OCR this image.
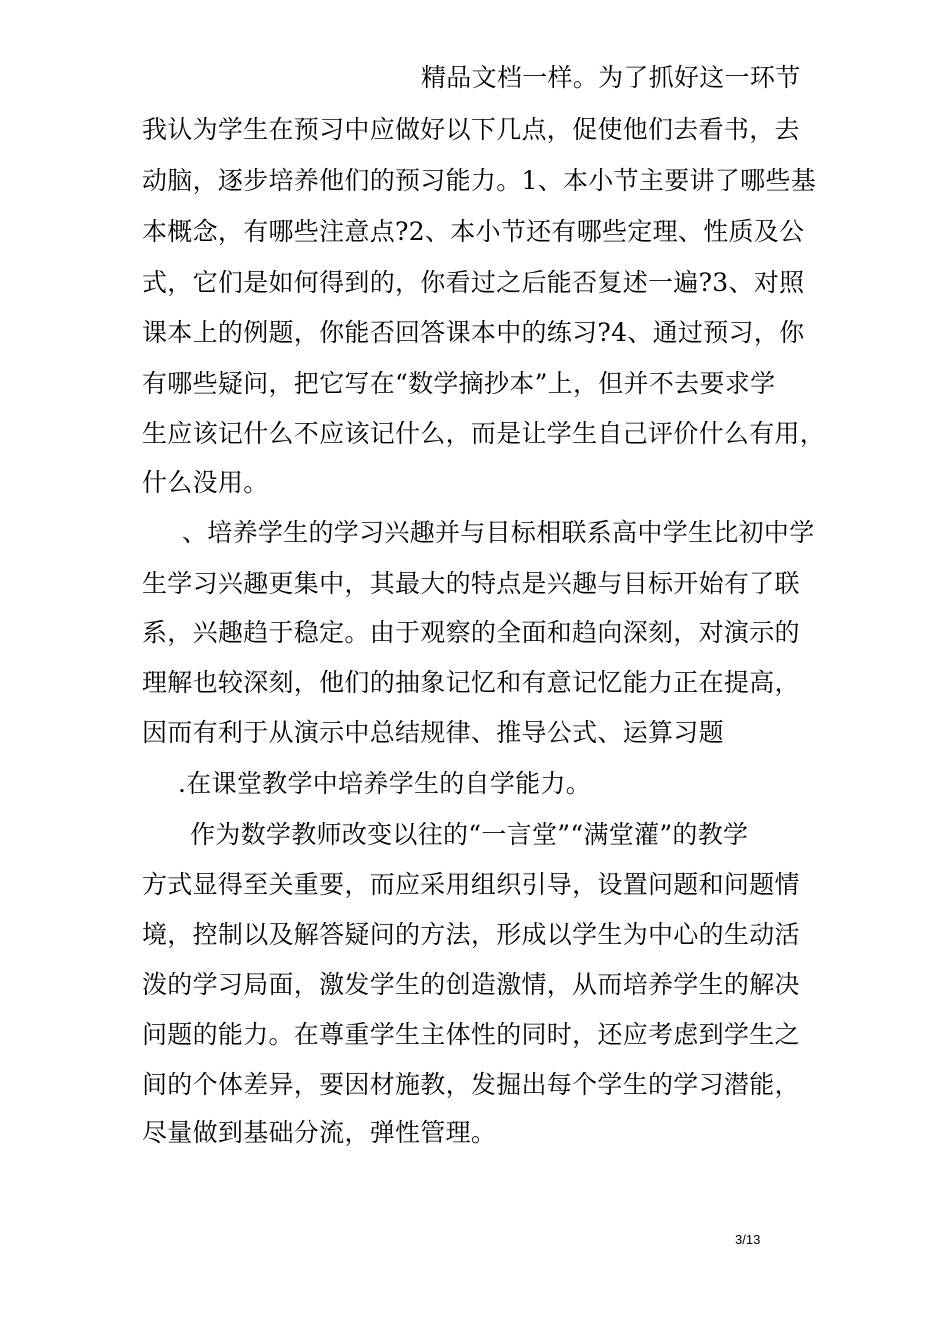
精品文档一样。为了抓好这一环节
我认为学生在预习中应做好以下几点，促使他们去看书，去
动脑，逐步培养他们的预习能力。1、本小节主要讲了哪些基
本概念，有哪些注意点?2、本小节还有哪些定理、性质及公
式，它们是如何得到的，你看过之后能否复述一遍?3、对照
课本上的例题，你能否回答课本中的练习?4、通过预习，你
有哪些疑问，把它写在“数学摘抄本”上，但并不去要求学
生应该记什么不应该记什么，而是让学生自己评价什么有用，
什么没用。
、培养学生的学习兴趣并与目标相联系高中学生比初中学
生学习兴趣更集中，其最大的特点是兴趣与目标开始有了联
系，兴趣趋于稳定。由于观察的全面和趋向深刻，对演示的
理解也较深刻，他们的抽象记忆和有意记忆能力正在提高，
因而有利于从演示中总结规律、推导公式、运算习题
.在课堂教学中培养学生的自学能力。
作为数学教师改变以往的“一言堂”“满堂灌”的教学
方式显得至关重要，而应采用组织引导，设置问题和问题情
境，控制以及解答疑问的方法，形成以学生为中心的生动活
泼的学习局面，激发学生的创造激情，从而培养学生的解决
问题的能力。在尊重学生主体性的同时，还应考虑到学生之
间的个体差异，要因材施教，发掘出每个学生的学习潜能，
尽量做到基础分流，弹性管理。
3/13
